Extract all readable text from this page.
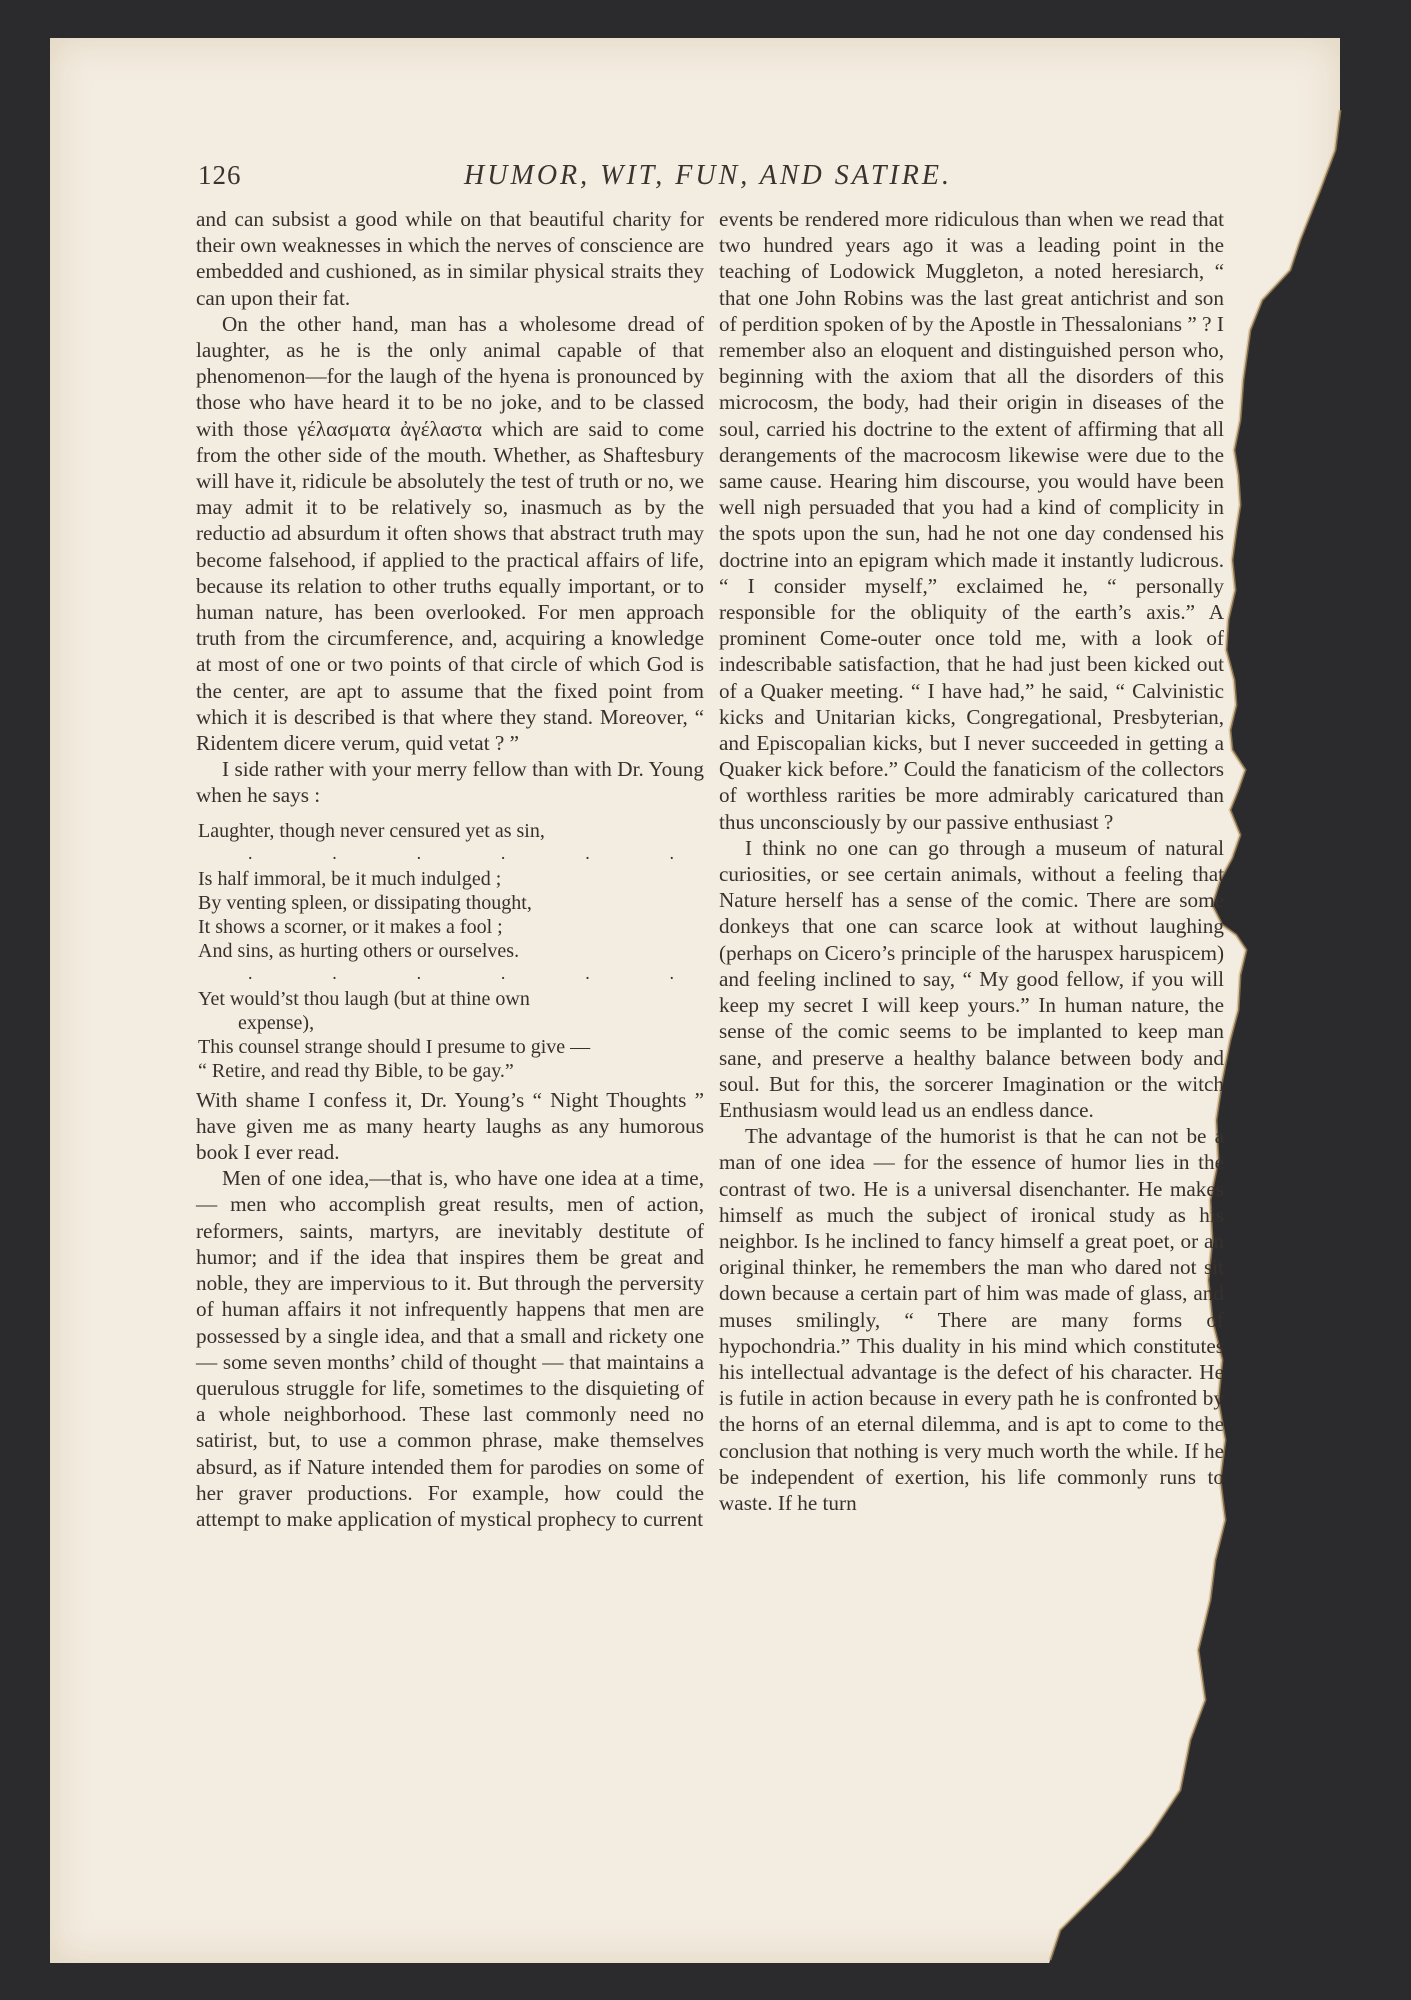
126	HUMOR, WIT, FUN, AND SATIRE.

and can subsist a good while on that beautiful charity for their own weaknesses in which the nerves of conscience are embedded and cushioned, as in similar physical straits they can upon their fat.

On the other hand, man has a wholesome dread of laughter, as he is the only animal capable of that phenomenon—for the laugh of the hyena is pronounced by those who have heard it to be no joke, and to be classed with those γέλασματα ἀγέλαστα which are said to come from the other side of the mouth. Whether, as Shaftesbury will have it, ridicule be absolutely the test of truth or no, we may admit it to be relatively so, inasmuch as by the reductio ad absurdum it often shows that abstract truth may become falsehood, if applied to the practical affairs of life, because its relation to other truths equally important, or to human nature, has been overlooked. For men approach truth from the circumference, and, acquiring a knowledge at most of one or two points of that circle of which God is the center, are apt to assume that the fixed point from which it is described is that where they stand. Moreover, “ Ridentem dicere verum, quid vetat ? ”

I side rather with your merry fellow than with Dr. Young when he says :

Laughter, though never censured yet as sin,
.	.	.	.	.	.
Is half immoral, be it much indulged ;
By venting spleen, or dissipating thought,
It shows a scorner, or it makes a fool ;
And sins, as hurting others or ourselves.
.	.	.	.	.	.
Yet would’st thou laugh (but at thine own
expense),
This counsel strange should I presume to give —
“ Retire, and read thy Bible, to be gay.”

With shame I confess it, Dr. Young’s “ Night Thoughts ” have given me as many hearty laughs as any humorous book I ever read.

Men of one idea,—that is, who have one idea at a time,— men who accomplish great results, men of action, reformers, saints, martyrs, are inevitably destitute of humor; and if the idea that inspires them be great and noble, they are impervious to it. But through the perversity of human affairs it not infrequently happens that men are possessed by a single idea, and that a small and rickety one — some seven months’ child of thought — that maintains a querulous struggle for life, sometimes to the disquieting of a whole neighborhood. These last commonly need no satirist, but, to use a common phrase, make themselves absurd, as if Nature intended them for parodies on some of her graver productions. For example, how could the attempt to make application of mystical prophecy to current

events be rendered more ridiculous than when we read that two hundred years ago it was a leading point in the teaching of Lodowick Muggleton, a noted heresiarch, “ that one John Robins was the last great antichrist and son of perdition spoken of by the Apostle in Thessalonians ” ? I remember also an eloquent and distinguished person who, beginning with the axiom that all the disorders of this microcosm, the body, had their origin in diseases of the soul, carried his doctrine to the extent of affirming that all derangements of the macrocosm likewise were due to the same cause. Hearing him discourse, you would have been well nigh persuaded that you had a kind of complicity in the spots upon the sun, had he not one day condensed his doctrine into an epigram which made it instantly ludicrous. “ I consider myself,” exclaimed he, “ personally responsible for the obliquity of the earth’s axis.” A prominent Come-outer once told me, with a look of indescribable satisfaction, that he had just been kicked out of a Quaker meeting. “ I have had,” he said, “ Calvinistic kicks and Unitarian kicks, Congregational, Presbyterian, and Episcopalian kicks, but I never succeeded in getting a Quaker kick before.” Could the fanaticism of the collectors of worthless rarities be more admirably caricatured than thus unconsciously by our passive enthusiast ?

I think no one can go through a museum of natural curiosities, or see certain animals, without a feeling that Nature herself has a sense of the comic. There are some donkeys that one can scarce look at without laughing (perhaps on Cicero’s principle of the haruspex haruspicem) and feeling inclined to say, “ My good fellow, if you will keep my secret I will keep yours.” In human nature, the sense of the comic seems to be implanted to keep man sane, and preserve a healthy balance between body and soul. But for this, the sorcerer Imagination or the witch Enthusiasm would lead us an endless dance.

The advantage of the humorist is that he can not be a man of one idea — for the essence of humor lies in the contrast of two. He is a universal disenchanter. He makes himself as much the subject of ironical study as his neighbor. Is he inclined to fancy himself a great poet, or an original thinker, he remembers the man who dared not sit down because a certain part of him was made of glass, and muses smilingly, “ There are many forms of hypochondria.” This duality in his mind which constitutes his intellectual advantage is the defect of his character. He is futile in action because in every path he is confronted by the horns of an eternal dilemma, and is apt to come to the conclusion that nothing is very much worth the while. If he be independent of exertion, his life commonly runs to waste. If he turn
